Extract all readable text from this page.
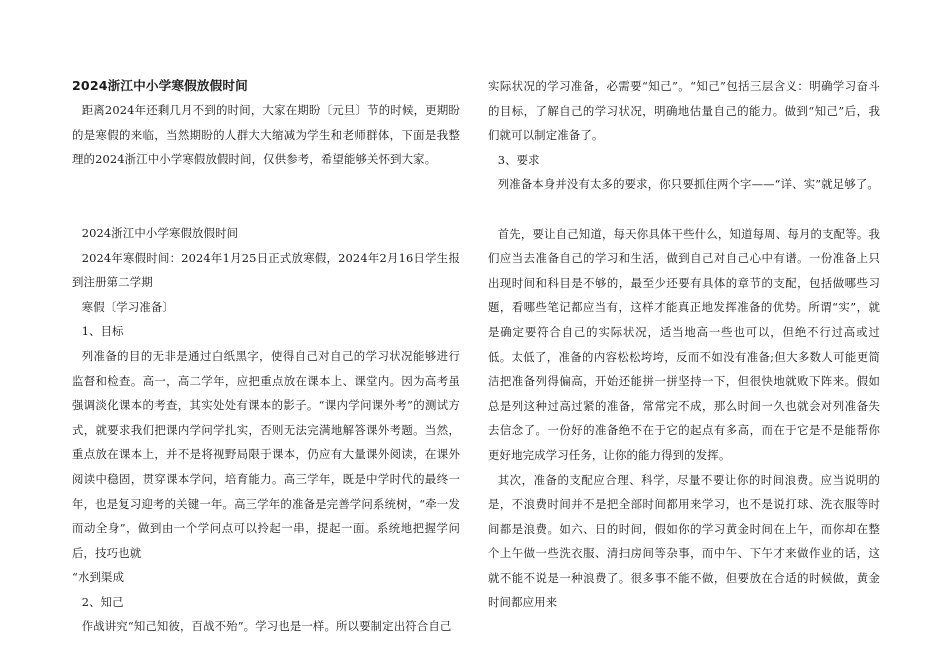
2024浙江中小学寒假放假时间

距离2024年还剩几月不到的时间，大家在期盼〔元旦〕节的时候，更期盼的是寒假的来临，当然期盼的人群大大缩减为学生和老师群体，下面是我整理的2024浙江中小学寒假放假时间，仅供参考，希望能够关怀到大家。

2024浙江中小学寒假放假时间

2024年寒假时间：2024年1月25日正式放寒假，2024年2月16日学生报到注册第二学期

寒假〔学习准备〕

1、目标

列准备的目的无非是通过白纸黑字，使得自己对自己的学习状况能够进行监督和检查。高一，高二学年，应把重点放在课本上、课堂内。因为高考虽强调淡化课本的考查，其实处处有课本的影子。“课内学问课外考”的测试方式，就要求我们把课内学问学扎实，否则无法完满地解答课外考题。当然，重点放在课本上，并不是将视野局限于课本，仍应有大量课外阅读，在课外阅读中稳固，贯穿课本学问，培育能力。高三学年，既是中学时代的最终一年，也是复习迎考的关键一年。高三学年的准备是完善学问系统树，“牵一发而动全身”，做到由一个学问点可以拎起一串，提起一面。系统地把握学问后，技巧也就

“水到渠成

2、知己

作战讲究“知己知彼，百战不殆”。学习也是一样。所以要制定出符合自己

实际状况的学习准备，必需要“知己”。“知己”包括三层含义：明确学习奋斗的目标，了解自己的学习状况，明确地估量自己的能力。做到“知己”后，我们就可以制定准备了。

3、要求

列准备本身并没有太多的要求，你只要抓住两个字——“详、实”就足够了。

首先，要让自己知道，每天你具体干些什么，知道每周、每月的支配等。我们应当去准备自己的学习和生活，做到自己对自己心中有谱。一份准备上只出现时间和科目是不够的，最至少还要有具体的章节的支配，包括做哪些习题，看哪些笔记都应当有，这样才能真正地发挥准备的优势。所谓“实”，就是确定要符合自己的实际状况，适当地高一些也可以，但绝不行过高或过低。太低了，准备的内容松松垮垮，反而不如没有准备;但大多数人可能更简洁把准备列得偏高，开始还能拼一拼坚持一下，但很快地就败下阵来。假如总是列这种过高过紧的准备，常常完不成，那么时间一久也就会对列准备失去信念了。一份好的准备绝不在于它的起点有多高，而在于它是不是能帮你更好地完成学习任务，让你的能力得到的发挥。

其次，准备的支配应合理、科学，尽量不要让你的时间浪费。应当说明的是，不浪费时间并不是把全部时间都用来学习，也不是说打球、洗衣服等时间都是浪费。如六、日的时间，假如你的学习黄金时间在上午，而你却在整个上午做一些洗衣服、清扫房间等杂事，而中午、下午才来做作业的话，这就不能不说是一种浪费了。很多事不能不做，但要放在合适的时候做，黄金时间都应用来
